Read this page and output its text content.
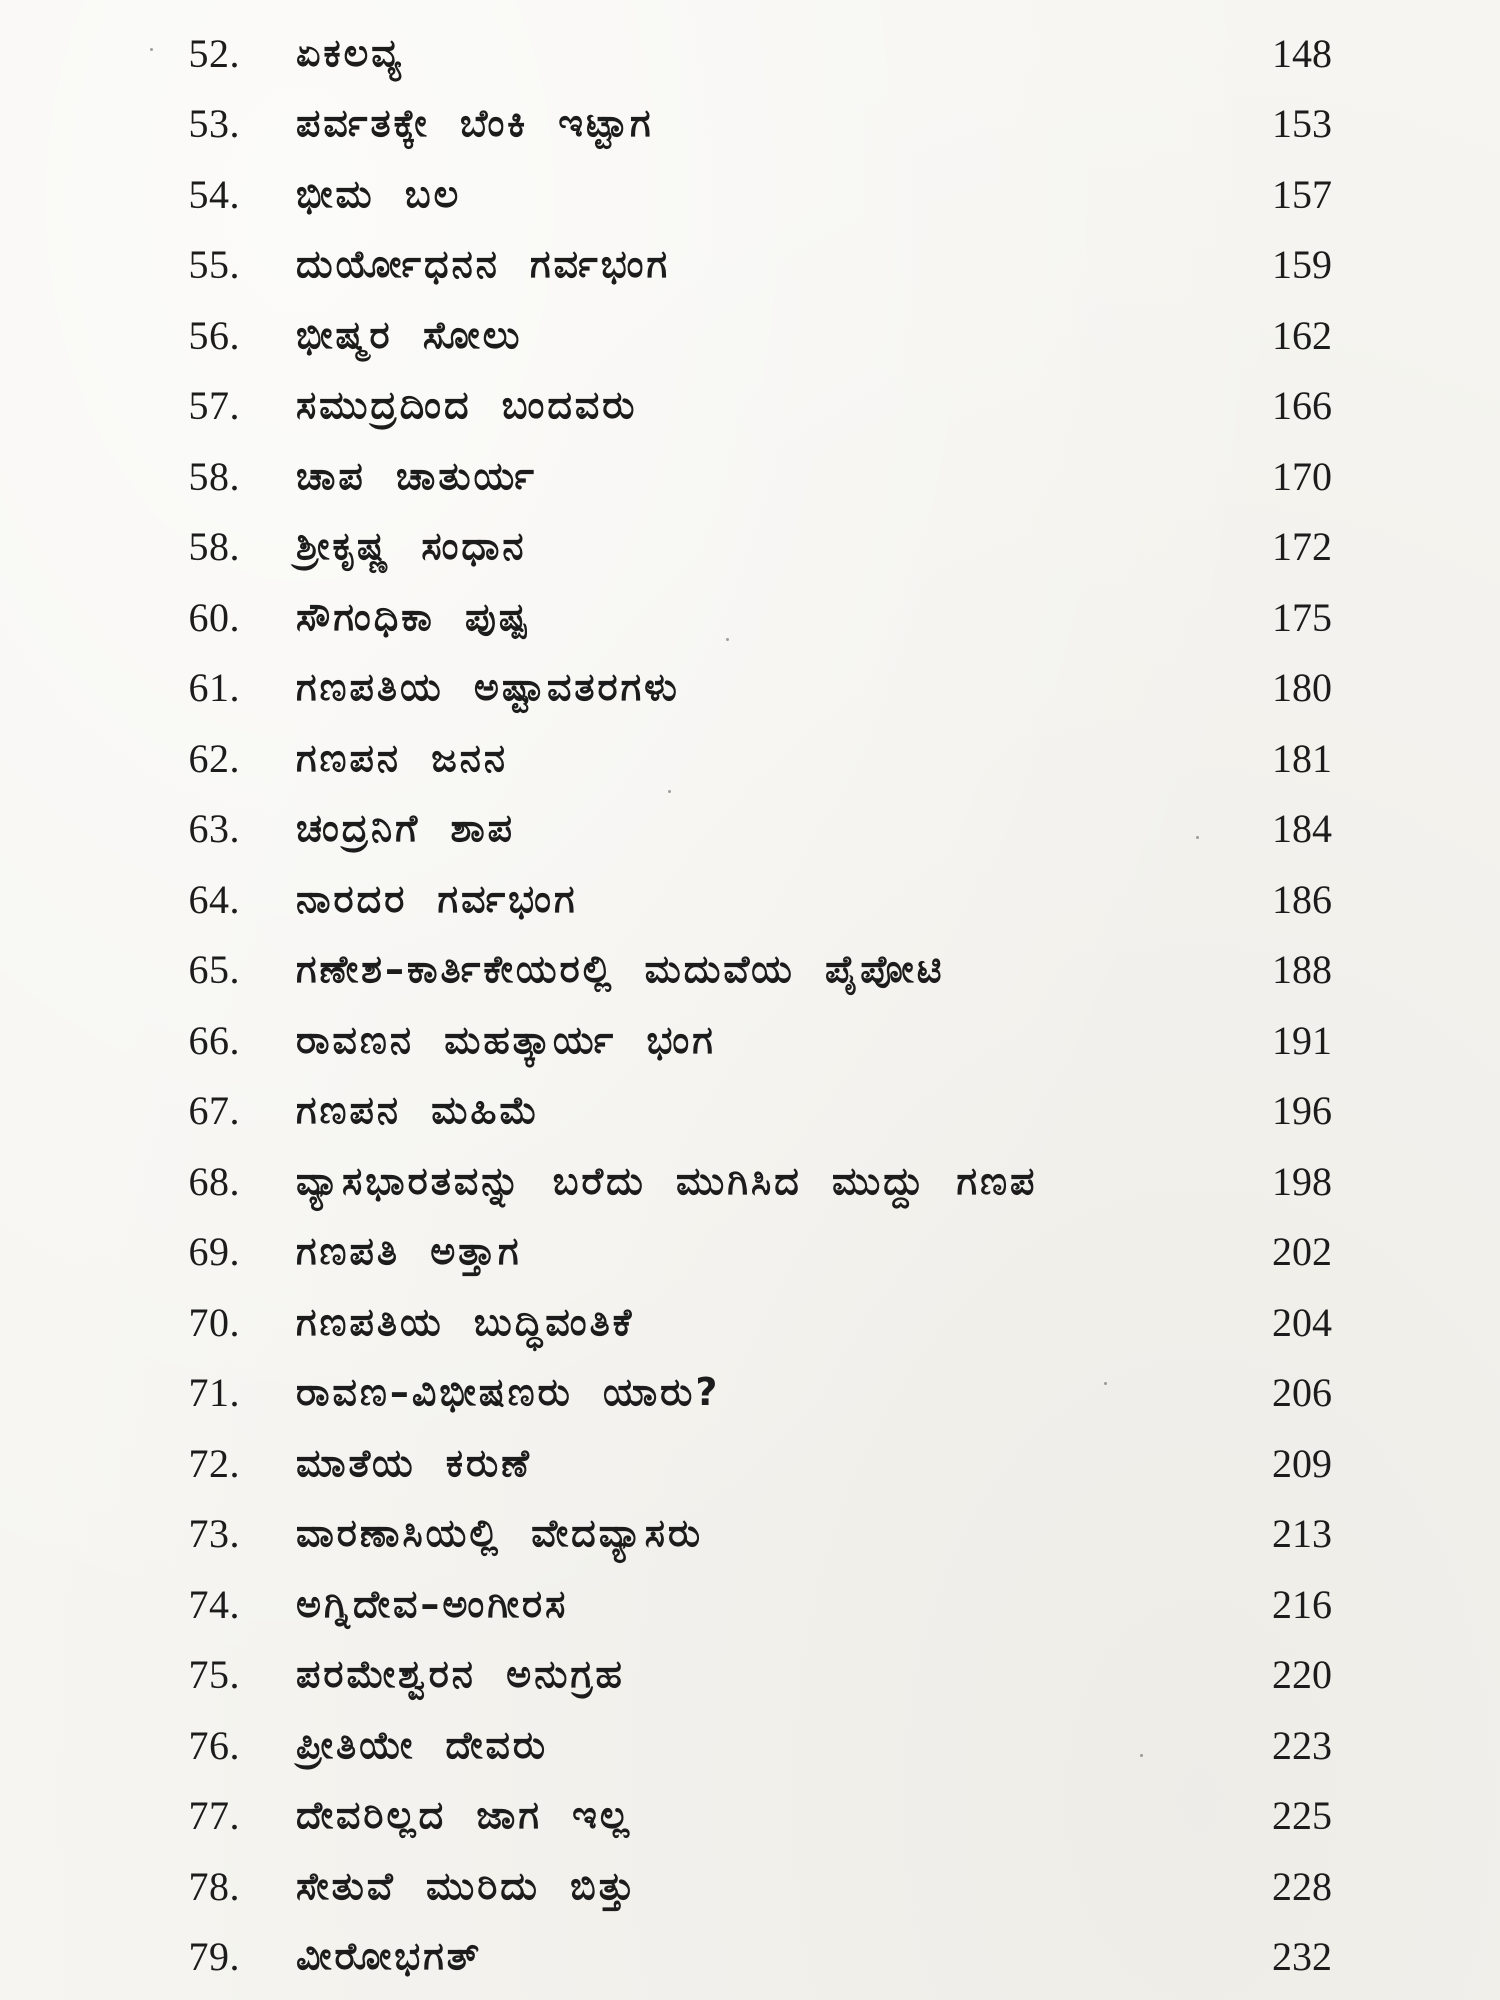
52. ಏಕಲವ್ಯ	148
53. ಪರ್ವತಕ್ಕೇ ಬೆಂಕಿ ಇಟ್ಟಾಗ	153
54. ಭೀಮ ಬಲ	157
55. ದುರ್ಯೋಧನನ ಗರ್ವಭಂಗ	159
56. ಭೀಷ್ಮರ ಸೋಲು	162
57. ಸಮುದ್ರದಿಂದ ಬಂದವರು	166
58. ಚಾಪ ಚಾತುರ್ಯ	170
58. ಶ್ರೀಕೃಷ್ಣ ಸಂಧಾನ	172
60. ಸೌಗಂಧಿಕಾ ಪುಷ್ಪ	175
61. ಗಣಪತಿಯ ಅಷ್ಟಾವತರಗಳು	180
62. ಗಣಪನ ಜನನ	181
63. ಚಂದ್ರನಿಗೆ ಶಾಪ	184
64. ನಾರದರ ಗರ್ವಭಂಗ	186
65. ಗಣೇಶ–ಕಾರ್ತಿಕೇಯರಲ್ಲಿ ಮದುವೆಯ ಪೈಪೋಟಿ	188
66. ರಾವಣನ ಮಹತ್ಕಾರ್ಯ ಭಂಗ	191
67. ಗಣಪನ ಮಹಿಮೆ	196
68. ವ್ಯಾಸಭಾರತವನ್ನು ಬರೆದು ಮುಗಿಸಿದ ಮುದ್ದು ಗಣಪ	198
69. ಗಣಪತಿ ಅತ್ತಾಗ	202
70. ಗಣಪತಿಯ ಬುದ್ಧಿವಂತಿಕೆ	204
71. ರಾವಣ–ವಿಭೀಷಣರು ಯಾರು?	206
72. ಮಾತೆಯ ಕರುಣೆ	209
73. ವಾರಣಾಸಿಯಲ್ಲಿ ವೇದವ್ಯಾಸರು	213
74. ಅಗ್ನಿದೇವ–ಅಂಗೀರಸ	216
75. ಪರಮೇಶ್ವರನ ಅನುಗ್ರಹ	220
76. ಪ್ರೀತಿಯೇ ದೇವರು	223
77. ದೇವರಿಲ್ಲದ ಜಾಗ ಇಲ್ಲ	225
78. ಸೇತುವೆ ಮುರಿದು ಬಿತ್ತು	228
79. ವೀರೋಭಗತ್	232
